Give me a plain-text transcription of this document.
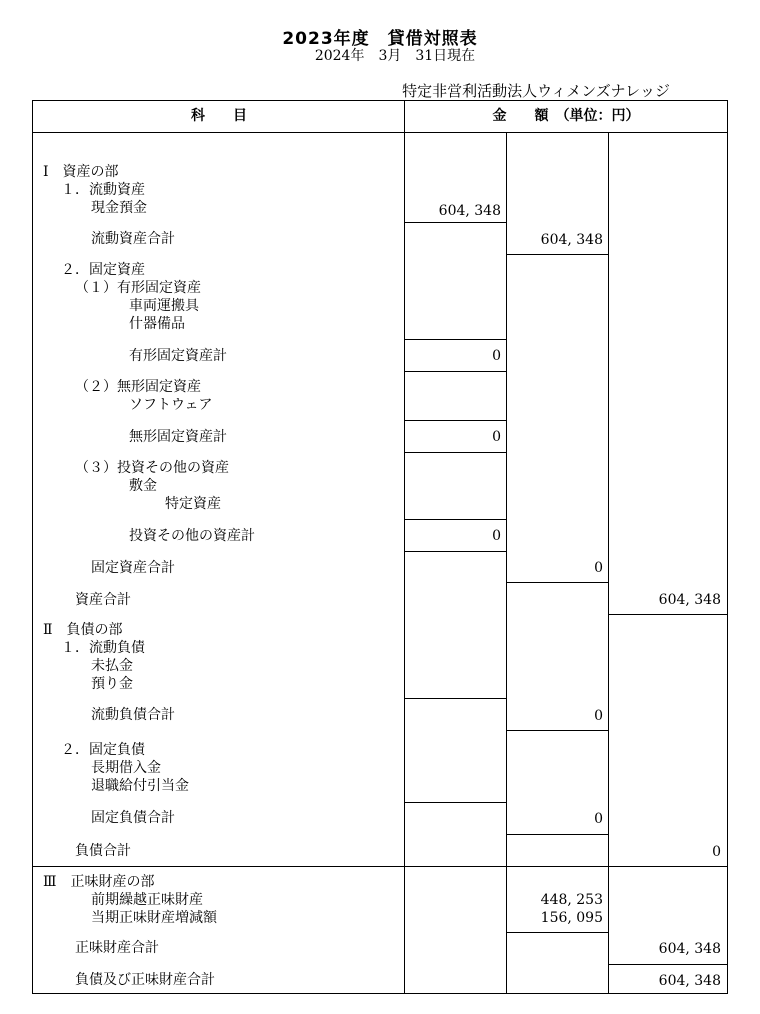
2023年度　貸借対照表
2024年　3月　31日現在
特定非営利活動法人ウィメンズナレッジ
科　　目	金　　額　（単位：円）
Ⅰ　資産の部
１．流動資産
現金預金	604, 348
流動資産合計	604, 348
２．固定資産
（１）有形固定資産
車両運搬具
什器備品
有形固定資産計	0
（２）無形固定資産
ソフトウェア
無形固定資産計	0
（３）投資その他の資産
敷金
特定資産
投資その他の資産計	0
固定資産合計	0
資産合計	604, 348
Ⅱ　負債の部
１．流動負債
未払金
預り金
流動負債合計	0
２．固定負債
長期借入金
退職給付引当金
固定負債合計	0
負債合計	0
Ⅲ　正味財産の部
前期繰越正味財産	448, 253
当期正味財産増減額	156, 095
正味財産合計	604, 348
負債及び正味財産合計	604, 348
